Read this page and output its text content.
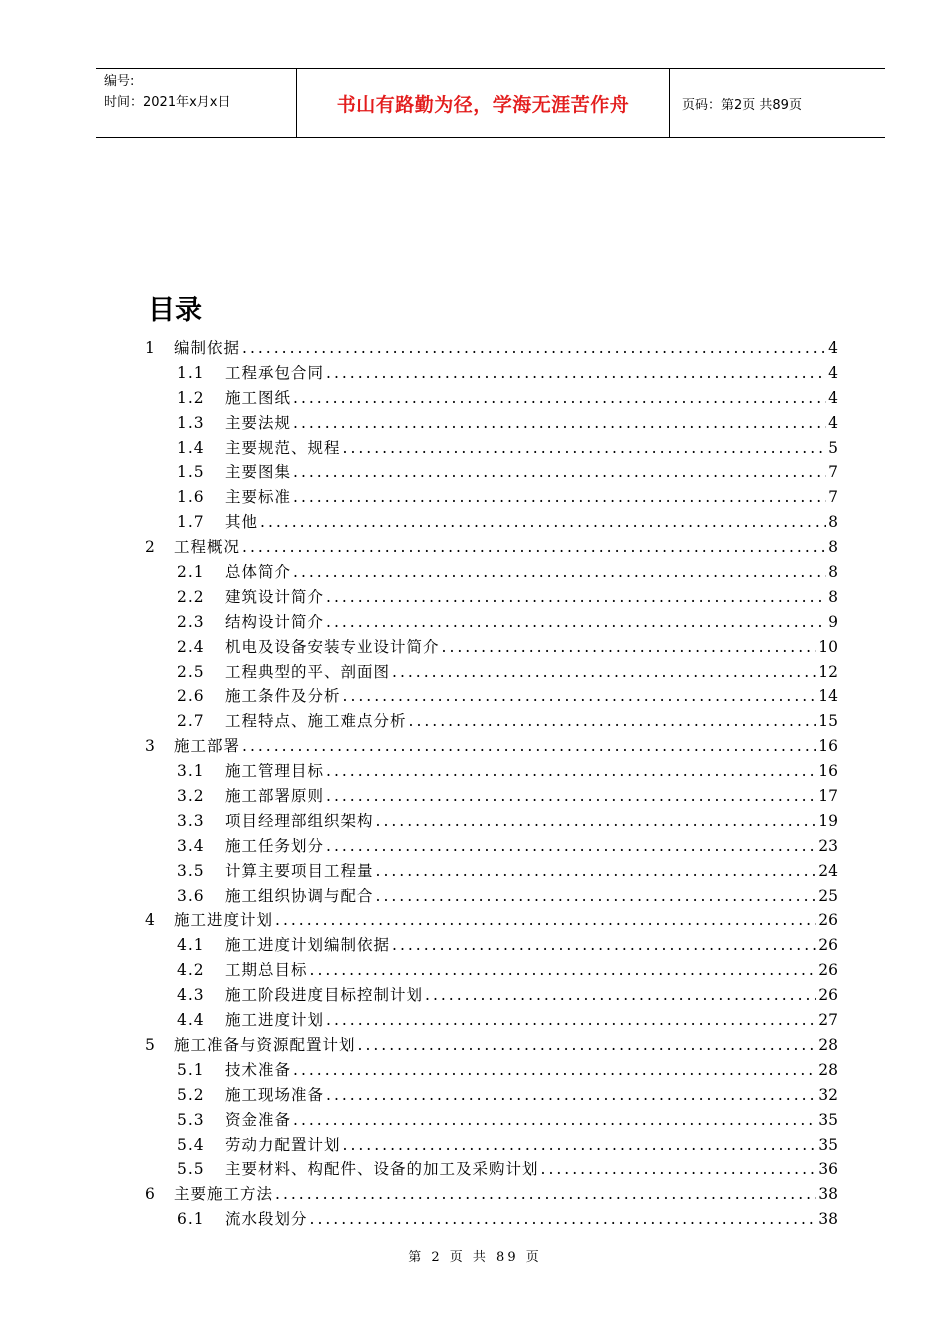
编号:
时间：2021年x月x日	书山有路勤为径，学海无涯苦作舟	页码：第2页 共89页
目录
1	编制依据 .....	4
1.1	工程承包合同 .....	4
1.2	施工图纸 .....	4
1.3	主要法规 .....	4
1.4	主要规范、规程 .....	5
1.5	主要图集 .....	7
1.6	主要标准 .....	7
1.7	其他 .....	8
2	工程概况 .....	8
2.1	总体简介 .....	8
2.2	建筑设计简介 .....	8
2.3	结构设计简介 .....	9
2.4	机电及设备安装专业设计简介 .....	10
2.5	工程典型的平、剖面图 .....	12
2.6	施工条件及分析 .....	14
2.7	工程特点、施工难点分析 .....	15
3	施工部署 .....	16
3.1	施工管理目标 .....	16
3.2	施工部署原则 .....	17
3.3	项目经理部组织架构 .....	19
3.4	施工任务划分 .....	23
3.5	计算主要项目工程量 .....	24
3.6	施工组织协调与配合 .....	25
4	施工进度计划 .....	26
4.1	施工进度计划编制依据 .....	26
4.2	工期总目标 .....	26
4.3	施工阶段进度目标控制计划 .....	26
4.4	施工进度计划 .....	27
5	施工准备与资源配置计划 .....	28
5.1	技术准备 .....	28
5.2	施工现场准备 .....	32
5.3	资金准备 .....	35
5.4	劳动力配置计划 .....	35
5.5	主要材料、构配件、设备的加工及采购计划 .....	36
6	主要施工方法 .....	38
6.1	流水段划分 .....	38
第 2 页 共 89 页
